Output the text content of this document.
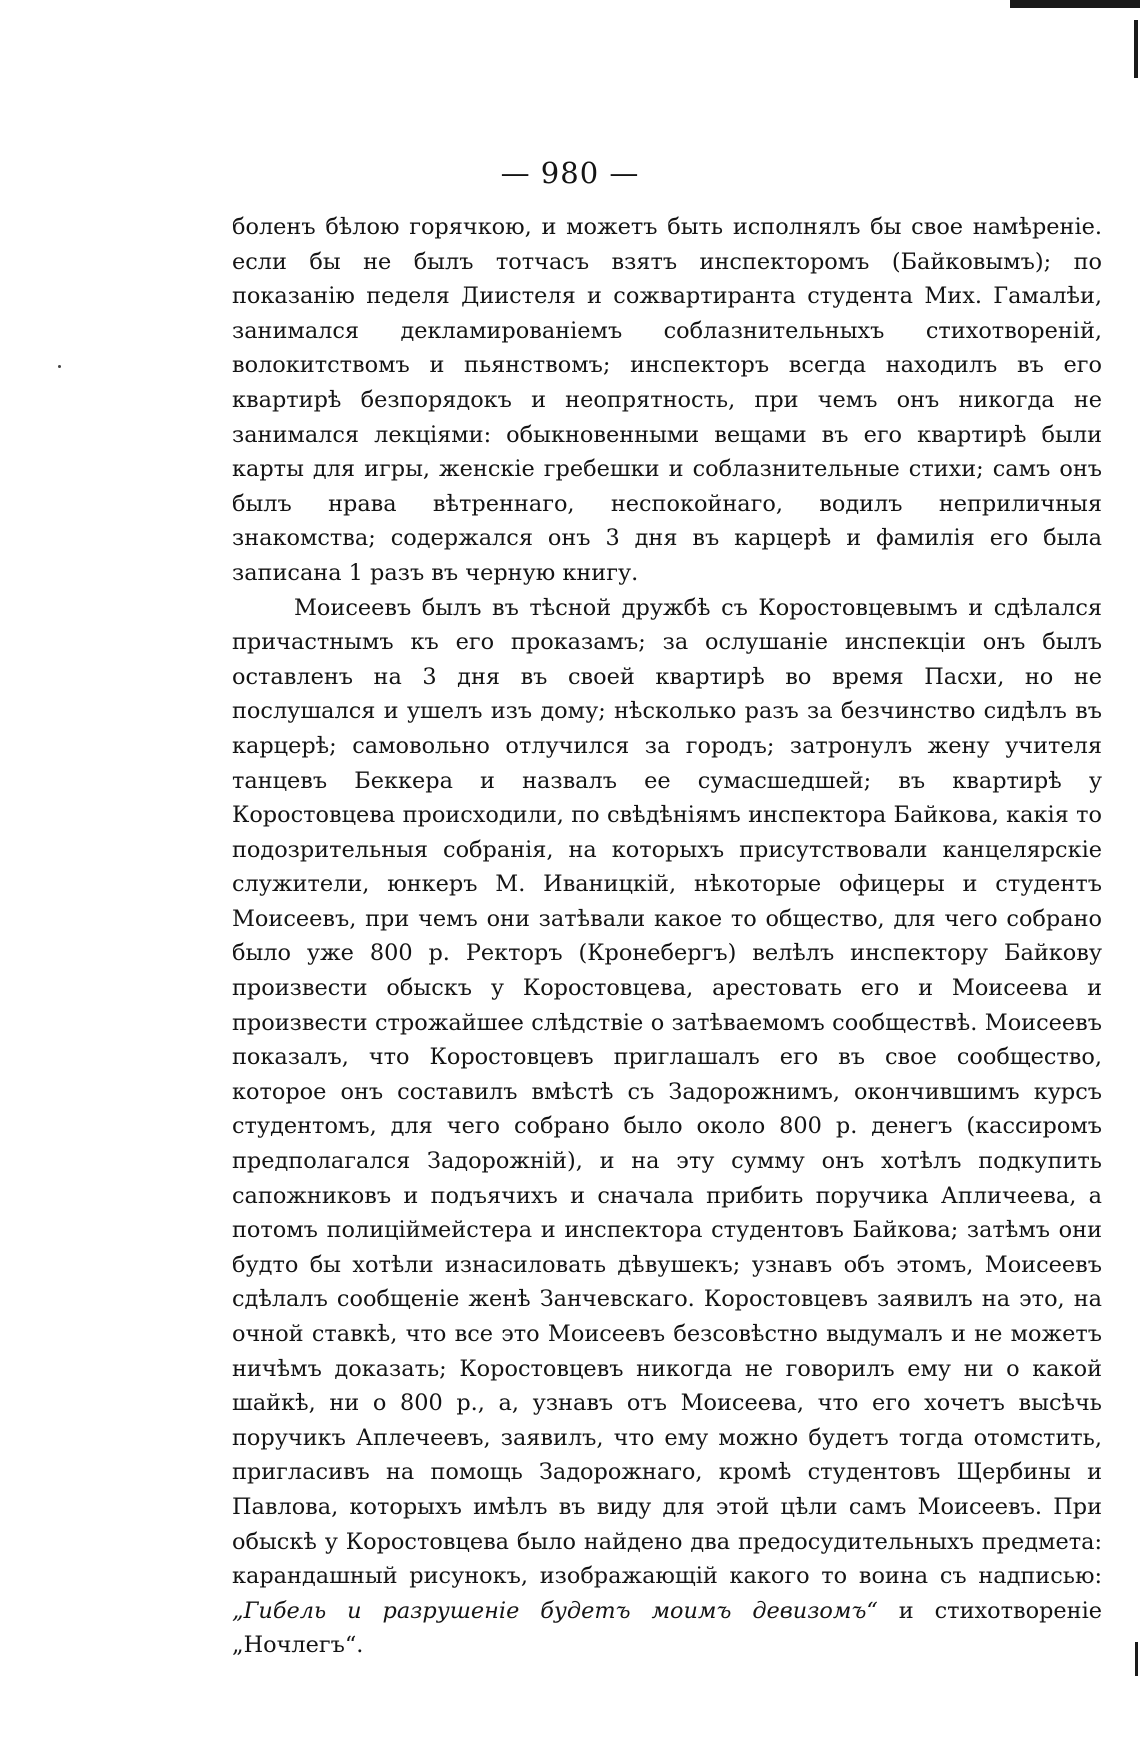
— 980 —

боленъ бѣлою горячкою, и можетъ быть исполнялъ бы свое намѣреніе. если бы не былъ тотчасъ взятъ инспекторомъ (Байковымъ); по показанію педеля Диистеля и сожвартиранта студента Мих. Гамалѣи, занимался декламированіемъ соблазнительныхъ стихотвореній, волокитствомъ и пьянствомъ; инспекторъ всегда находилъ въ его квартирѣ безпорядокъ и неопрятность, при чемъ онъ никогда не занимался лекціями: обыкновенными вещами въ его квартирѣ были карты для игры, женскіе гребешки и соблазнительные стихи; самъ онъ былъ нрава вѣтреннаго, неспокойнаго, водилъ неприличныя знакомства; содержался онъ 3 дня въ карцерѣ и фамилія его была записана 1 разъ въ черную книгу.

Моисеевъ былъ въ тѣсной дружбѣ съ Коростовцевымъ и сдѣлался причастнымъ къ его проказамъ; за ослушаніе инспекціи онъ былъ оставленъ на 3 дня въ своей квартирѣ во время Пасхи, но не послушался и ушелъ изъ дому; нѣсколько разъ за безчинство сидѣлъ въ карцерѣ; самовольно отлучился за городъ; затронулъ жену учителя танцевъ Беккера и назвалъ ее сумасшедшей; въ квартирѣ у Коростовцева происходили, по свѣдѣніямъ инспектора Байкова, какія то подозрительныя собранія, на которыхъ присутствовали канцелярскіе служители, юнкеръ М. Иваницкій, нѣкоторые офицеры и студентъ Моисеевъ, при чемъ они затѣвали какое то общество, для чего собрано было уже 800 р. Ректоръ (Кронебергъ) велѣлъ инспектору Байкову произвести обыскъ у Коростовцева, арестовать его и Моисеева и произвести строжайшее слѣдствіе о затѣваемомъ сообществѣ. Моисеевъ показалъ, что Коростовцевъ приглашалъ его въ свое сообщество, которое онъ составилъ вмѣстѣ съ Задорожнимъ, окончившимъ курсъ студентомъ, для чего собрано было около 800 р. денегъ (кассиромъ предполагался Задорожній), и на эту сумму онъ хотѣлъ подкупить сапожниковъ и подъячихъ и сначала прибить поручика Апличеева, а потомъ полиціймейстера и инспектора студентовъ Байкова; затѣмъ они будто бы хотѣли изнасиловать дѣвушекъ; узнавъ объ этомъ, Моисеевъ сдѣлалъ сообщеніе женѣ Занчевскаго. Коростовцевъ заявилъ на это, на очной ставкѣ, что все это Моисеевъ безсовѣстно выдумалъ и не можетъ ничѣмъ доказать; Коростовцевъ никогда не говорилъ ему ни о какой шайкѣ, ни о 800 р., а, узнавъ отъ Моисеева, что его хочетъ высѣчь поручикъ Аплечеевъ, заявилъ, что ему можно будетъ тогда отомстить, пригласивъ на помощь Задорожнаго, кромѣ студентовъ Щербины и Павлова, которыхъ имѣлъ въ виду для этой цѣли самъ Моисеевъ. При обыскѣ у Коростовцева было найдено два предосудительныхъ предмета: карандашный рисунокъ, изображающій какого то воина съ надписью: „Гибель и разрушеніе будетъ моимъ девизомъ“ и стихотвореніе „Ночлегъ“.
